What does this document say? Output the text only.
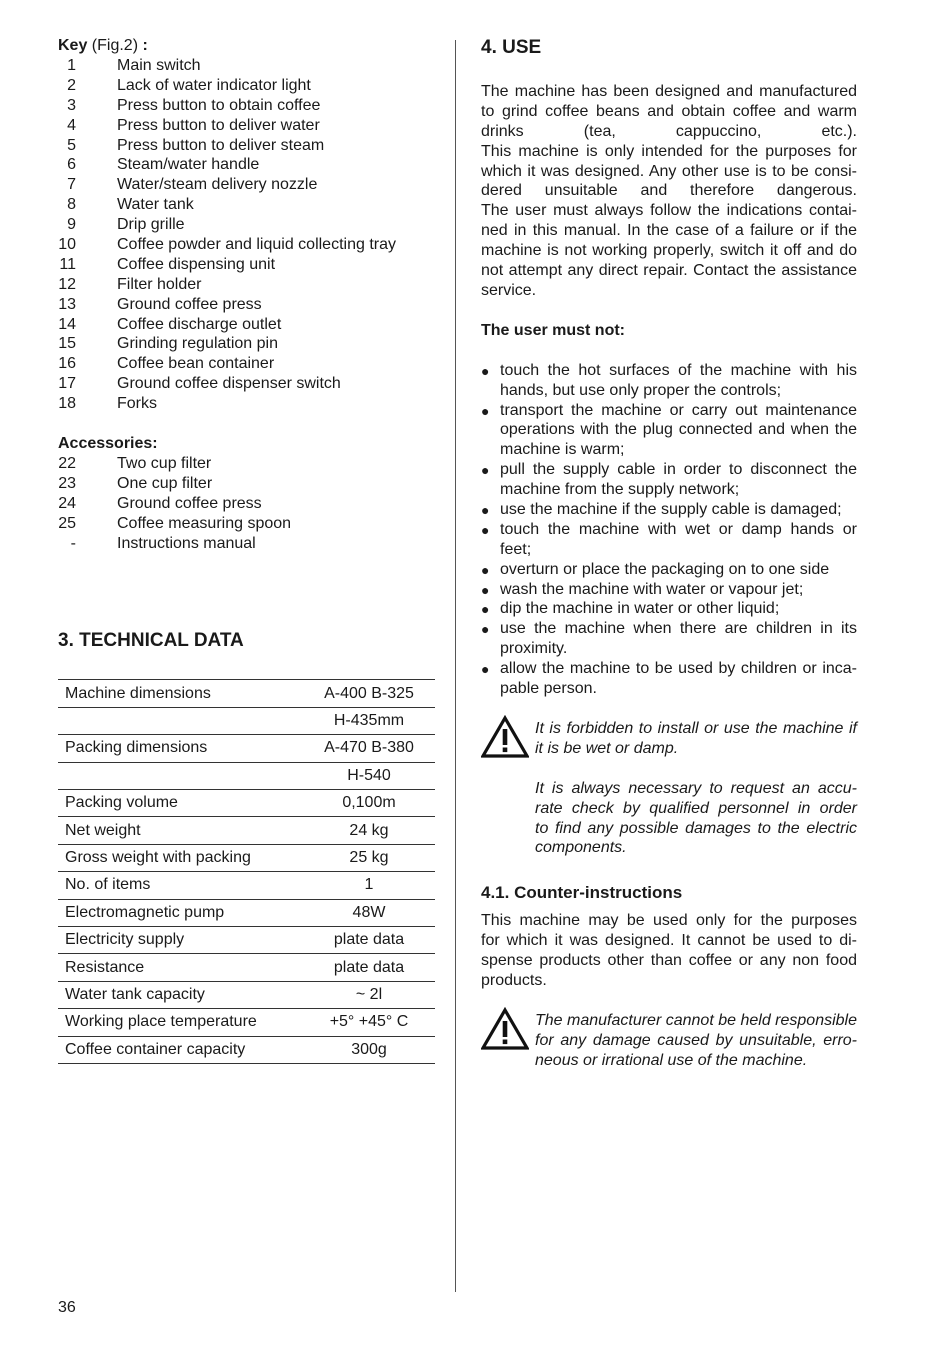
Key (Fig.2) :

1	Main switch
2	Lack of water indicator light
3	Press button to obtain coffee
4	Press button to deliver water
5	Press button to deliver steam
6	Steam/water handle
7	Water/steam delivery nozzle
8	Water tank
9	Drip grille
10	Coffee powder and liquid collecting tray
11	Coffee dispensing unit
12	Filter holder
13	Ground coffee press
14	Coffee discharge outlet
15	Grinding regulation pin
16	Coffee bean container
17	Ground coffee dispenser switch
18	Forks
Accessories:
22	Two cup filter
23	One cup filter
24	Ground coffee press
25	Coffee measuring spoon
-	Instructions manual
3. TECHNICAL DATA
Machine dimensions	A-400 B-325
	H-435mm
Packing dimensions	A-470 B-380
	H-540
Packing volume	0,100m
Net weight	24 kg
Gross weight with packing	25 kg
No. of items	1
Electromagnetic pump	48W
Electricity supply	plate data
Resistance	plate data
Water tank capacity	~ 2l
Working place temperature	+5° +45° C
Coffee container capacity	300g
4. USE
The machine has been designed and manufactured
to grind coffee beans and obtain coffee and warm
drinks (tea, cappuccino, etc.).
This machine is only intended for the purposes for
which it was designed. Any other use is to be consi-
dered unsuitable and therefore dangerous.
The user must always follow the indications contai-
ned in this manual. In the case of a failure or if the
machine is not working properly, switch it off and do
not attempt any direct repair. Contact the assistance
service.
The user must not:
● touch the hot surfaces of the machine with his
hands, but use only proper the controls;
● transport the machine or carry out maintenance
operations with the plug connected and when the
machine is warm;
● pull the supply cable in order to disconnect the
machine from the supply network;
● use the machine if the supply cable is damaged;
● touch the machine with wet or damp hands or
feet;
● overturn or place the packaging on to one side
● wash the machine with water or vapour jet;
● dip the machine in water or other liquid;
● use the machine when there are children in its
proximity.
● allow the machine to be used by children or inca-
pable person.
It is forbidden to install or use the machine if
it is be wet or damp.
It is always necessary to request an accu-
rate check by qualified personnel in order
to find any possible damages to the electric
components.
4.1. Counter-instructions
This machine may be used only for the purposes
for which it was designed. It cannot be used to di-
spense products other than coffee or any non food
products.
The manufacturer cannot be held responsible
for any damage caused by unsuitable, erro-
neous or irrational use of the machine.
36
